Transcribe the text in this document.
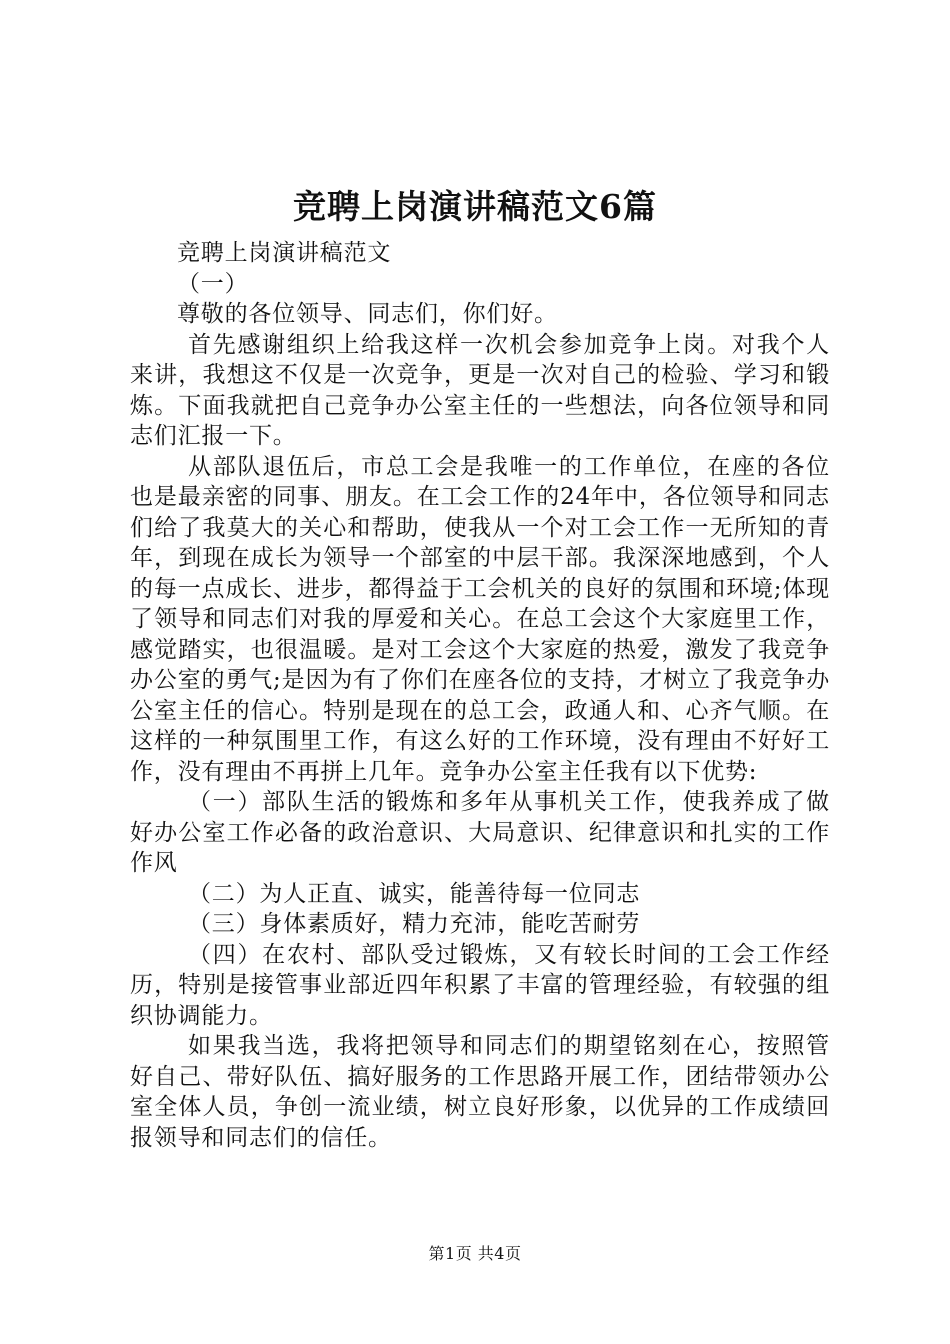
竞聘上岗演讲稿范文6篇

竞聘上岗演讲稿范文

（一）

尊敬的各位领导、同志们，你们好。

首先感谢组织上给我这样一次机会参加竞争上岗。对我个人来讲，我想这不仅是一次竞争，更是一次对自己的检验、学习和锻炼。下面我就把自己竞争办公室主任的一些想法，向各位领导和同志们汇报一下。

从部队退伍后，市总工会是我唯一的工作单位，在座的各位也是最亲密的同事、朋友。在工会工作的24年中，各位领导和同志们给了我莫大的关心和帮助，使我从一个对工会工作一无所知的青年，到现在成长为领导一个部室的中层干部。我深深地感到，个人的每一点成长、进步，都得益于工会机关的良好的氛围和环境;体现了领导和同志们对我的厚爱和关心。在总工会这个大家庭里工作，感觉踏实，也很温暖。是对工会这个大家庭的热爱，激发了我竞争办公室的勇气;是因为有了你们在座各位的支持，才树立了我竞争办公室主任的信心。特别是现在的总工会，政通人和、心齐气顺。在这样的一种氛围里工作，有这么好的工作环境，没有理由不好好工作，没有理由不再拼上几年。竞争办公室主任我有以下优势:

（一）部队生活的锻炼和多年从事机关工作，使我养成了做好办公室工作必备的政治意识、大局意识、纪律意识和扎实的工作作风

（二）为人正直、诚实，能善待每一位同志

（三）身体素质好，精力充沛，能吃苦耐劳

（四）在农村、部队受过锻炼，又有较长时间的工会工作经历，特别是接管事业部近四年积累了丰富的管理经验，有较强的组织协调能力。

如果我当选，我将把领导和同志们的期望铭刻在心，按照管好自己、带好队伍、搞好服务的工作思路开展工作，团结带领办公室全体人员，争创一流业绩，树立良好形象，以优异的工作成绩回报领导和同志们的信任。

第1页 共4页
